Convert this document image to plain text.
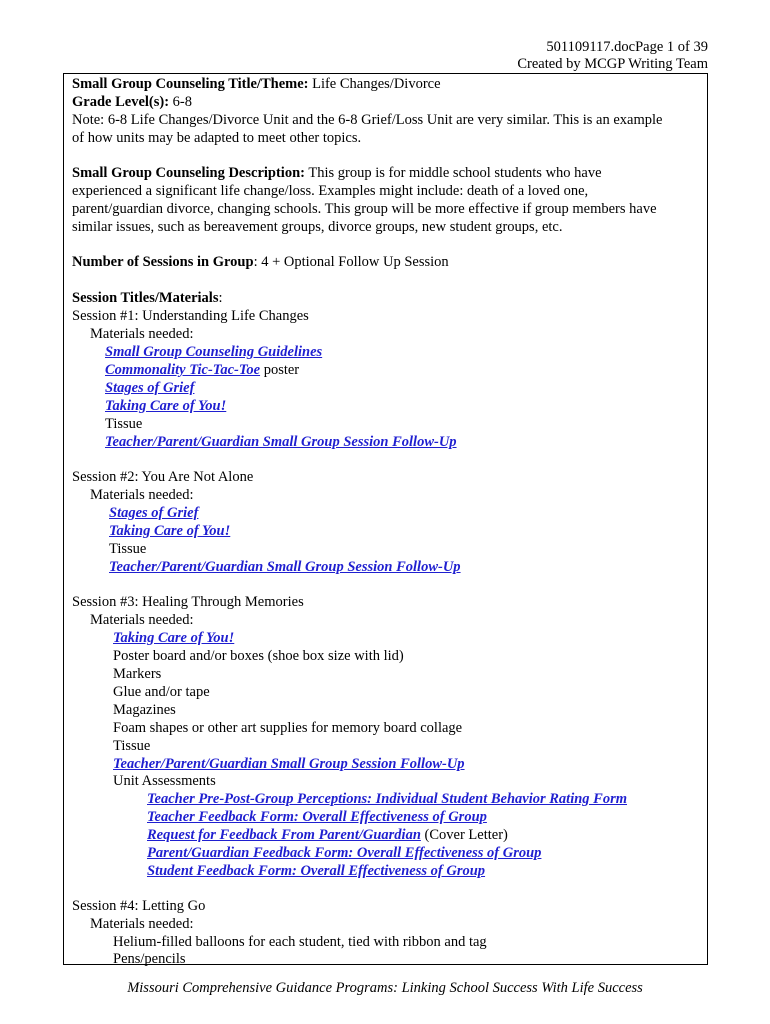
501109117.docPage 1 of 39
Created by MCGP Writing Team
Small Group Counseling Title/Theme: Life Changes/Divorce
Grade Level(s): 6-8
Note: 6-8 Life Changes/Divorce Unit and the 6-8 Grief/Loss Unit are very similar. This is an example
of how units may be adapted to meet other topics.
Small Group Counseling Description: This group is for middle school students who have
experienced a significant life change/loss. Examples might include: death of a loved one,
parent/guardian divorce, changing schools. This group will be more effective if group members have
similar issues, such as bereavement groups, divorce groups, new student groups, etc.
Number of Sessions in Group: 4 + Optional Follow Up Session
Session Titles/Materials:
Session #1: Understanding Life Changes
Materials needed:
Small Group Counseling Guidelines
Commonality Tic-Tac-Toe poster
Stages of Grief
Taking Care of You!
Tissue
Teacher/Parent/Guardian Small Group Session Follow-Up
Session #2: You Are Not Alone
Materials needed:
Stages of Grief
Taking Care of You!
Tissue
Teacher/Parent/Guardian Small Group Session Follow-Up
Session #3: Healing Through Memories
Materials needed:
Taking Care of You!
Poster board and/or boxes (shoe box size with lid)
Markers
Glue and/or tape
Magazines
Foam shapes or other art supplies for memory board collage
Tissue
Teacher/Parent/Guardian Small Group Session Follow-Up
Unit Assessments
Teacher Pre-Post-Group Perceptions: Individual Student Behavior Rating Form
Teacher Feedback Form: Overall Effectiveness of Group
Request for Feedback From Parent/Guardian (Cover Letter)
Parent/Guardian Feedback Form: Overall Effectiveness of Group
Student Feedback Form: Overall Effectiveness of Group
Session #4: Letting Go
Materials needed:
Helium-filled balloons for each student, tied with ribbon and tag
Pens/pencils
Missouri Comprehensive Guidance Programs: Linking School Success With Life Success
